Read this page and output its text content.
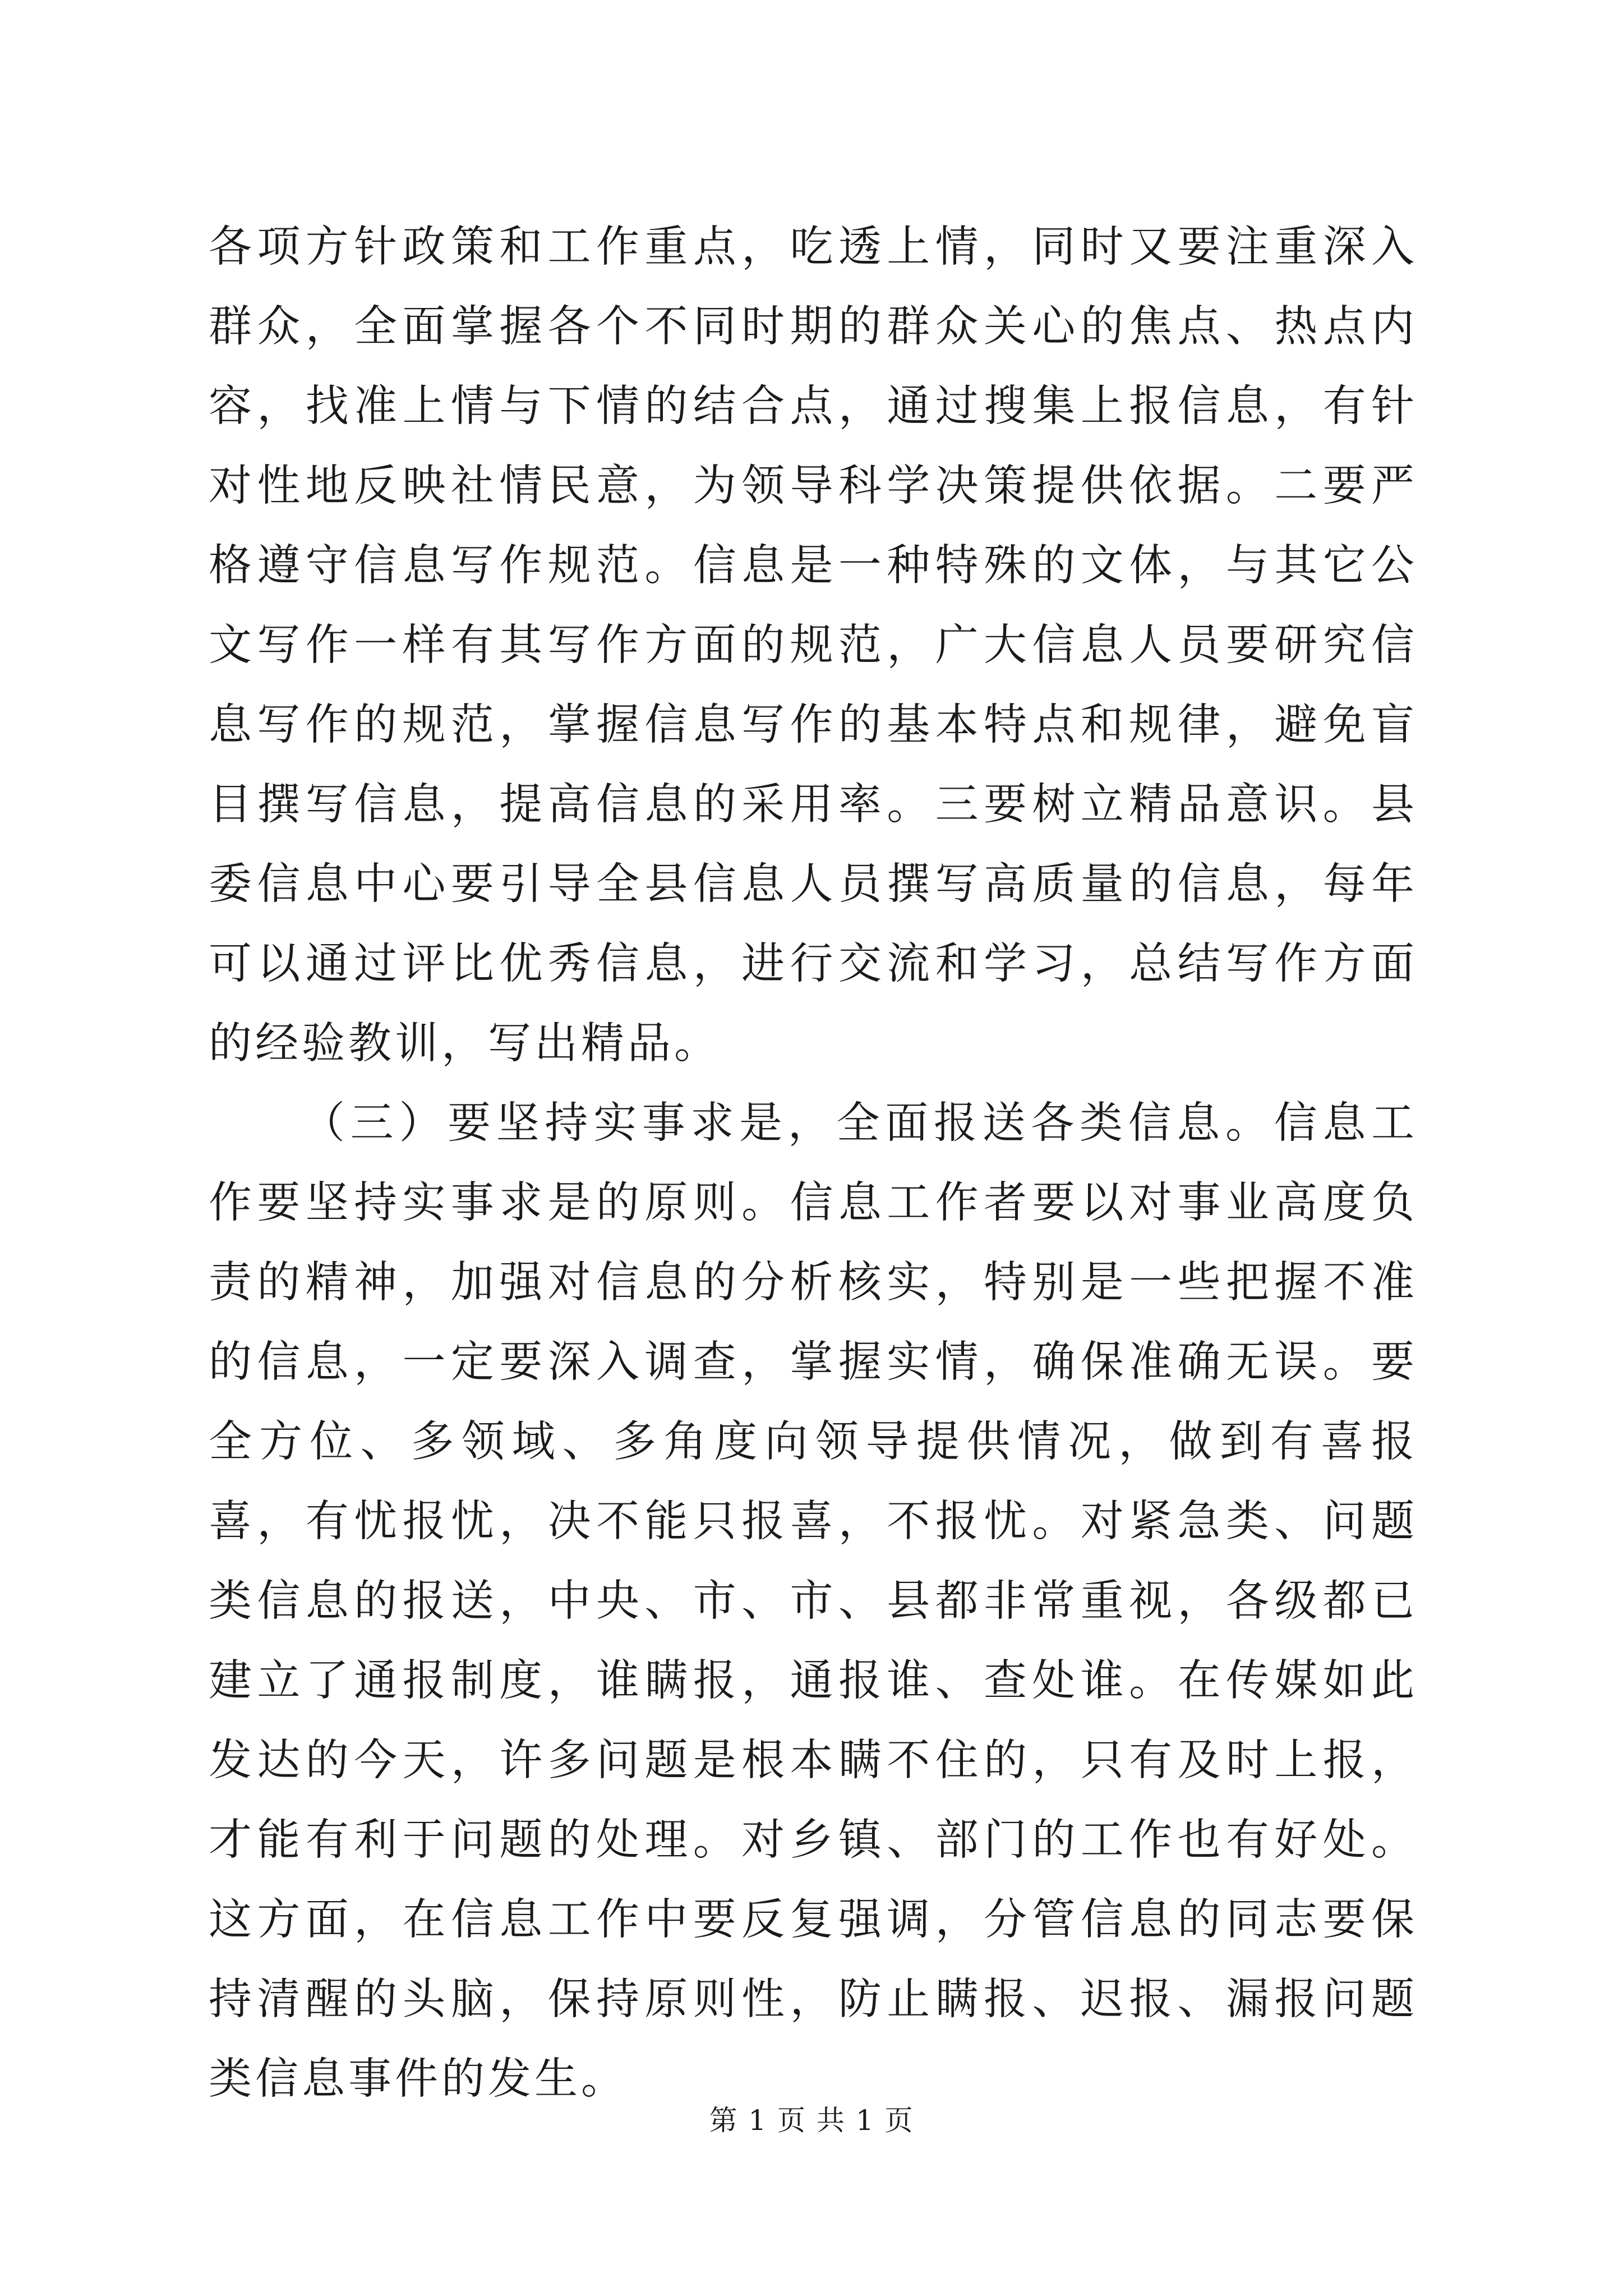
各项方针政策和工作重点，吃透上情，同时又要注重深入群众，全面掌握各个不同时期的群众关心的焦点、热点内容，找准上情与下情的结合点，通过搜集上报信息，有针对性地反映社情民意，为领导科学决策提供依据。二要严格遵守信息写作规范。信息是一种特殊的文体，与其它公文写作一样有其写作方面的规范，广大信息人员要研究信息写作的规范，掌握信息写作的基本特点和规律，避免盲目撰写信息，提高信息的采用率。三要树立精品意识。县委信息中心要引导全县信息人员撰写高质量的信息，每年可以通过评比优秀信息，进行交流和学习，总结写作方面的经验教训，写出精品。

（三）要坚持实事求是，全面报送各类信息。信息工作要坚持实事求是的原则。信息工作者要以对事业高度负责的精神，加强对信息的分析核实，特别是一些把握不准的信息，一定要深入调查，掌握实情，确保准确无误。要全方位、多领域、多角度向领导提供情况，做到有喜报喜，有忧报忧，决不能只报喜，不报忧。对紧急类、问题类信息的报送，中央、市、市、县都非常重视，各级都已建立了通报制度，谁瞒报，通报谁、查处谁。在传媒如此发达的今天，许多问题是根本瞒不住的，只有及时上报，才能有利于问题的处理。对乡镇、部门的工作也有好处。这方面，在信息工作中要反复强调，分管信息的同志要保持清醒的头脑，保持原则性，防止瞒报、迟报、漏报问题类信息事件的发生。

第 1 页 共 1 页
